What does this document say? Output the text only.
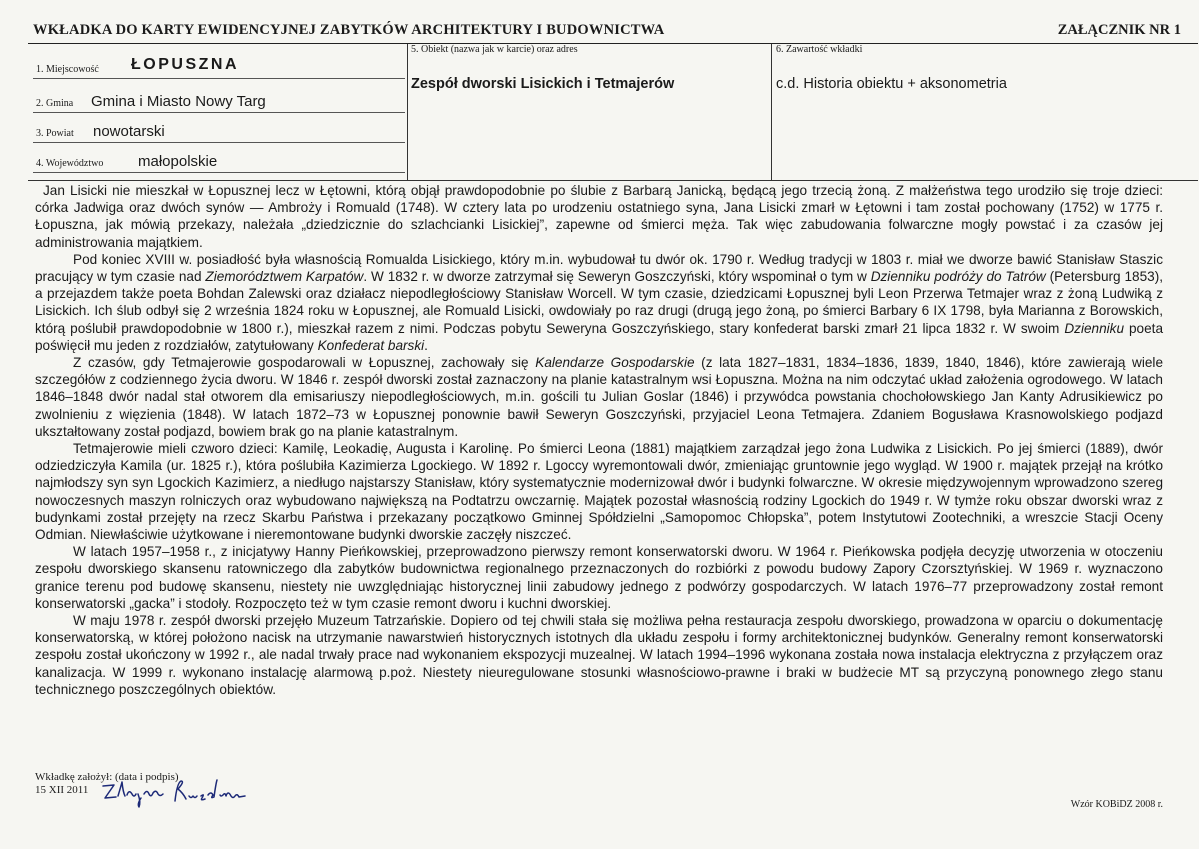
WKŁADKA DO KARTY EWIDENCYJNEJ ZABYTKÓW ARCHITEKTURY I BUDOWNICTWA	ZAŁĄCZNIK NR 1
1. Miejscowość ŁOPUSZNA
2. Gmina Gmina i Miasto Nowy Targ
3. Powiat nowotarski
4. Województwo małopolskie
5. Obiekt (nazwa jak w karcie) oraz adres
Zespół dworski Lisickich i Tetmajerów
6. Zawartość wkładki
c.d. Historia obiektu + aksonometria

Jan Lisicki nie mieszkał w Łopusznej lecz w Łętowni, którą objął prawdopodobnie po ślubie z Barbarą Janicką, będącą jego trzecią żoną. Z małżeństwa tego urodziło się troje dzieci: córka Jadwiga oraz dwóch synów — Ambroży i Romuald (1748). W cztery lata po urodzeniu ostatniego syna, Jana Lisicki zmarł w Łętowni i tam został pochowany (1752) w 1775 r. Łopuszna, jak mówią przekazy, należała „dziedzicznie do szlachcianki Lisickiej”, zapewne od śmierci męża. Tak więc zabudowania folwarczne mogły powstać i za czasów jej administrowania majątkiem.

Pod koniec XVIII w. posiadłość była własnością Romualda Lisickiego, który m.in. wybudował tu dwór ok. 1790 r. Według tradycji w 1803 r. miał we dworze bawić Stanisław Staszic pracujący w tym czasie nad Ziemorództwem Karpatów. W 1832 r. w dworze zatrzymał się Seweryn Goszczyński, który wspominał o tym w Dzienniku podróży do Tatrów (Petersburg 1853), a przejazdem także poeta Bohdan Zalewski oraz działacz niepodległościowy Stanisław Worcell. W tym czasie, dziedzicami Łopusznej byli Leon Przerwa Tetmajer wraz z żoną Ludwiką z Lisickich. Ich ślub odbył się 2 września 1824 roku w Łopusznej, ale Romuald Lisicki, owdowiały po raz drugi (drugą jego żoną, po śmierci Barbary 6 IX 1798, była Marianna z Borowskich, którą poślubił prawdopodobnie w 1800 r.), mieszkał razem z nimi. Podczas pobytu Seweryna Goszczyńskiego, stary konfederat barski zmarł 21 lipca 1832 r. W swoim Dzienniku poeta poświęcił mu jeden z rozdziałów, zatytułowany Konfederat barski.

Z czasów, gdy Tetmajerowie gospodarowali w Łopusznej, zachowały się Kalendarze Gospodarskie (z lata 1827–1831, 1834–1836, 1839, 1840, 1846), które zawierają wiele szczegółów z codziennego życia dworu. W 1846 r. zespół dworski został zaznaczony na planie katastralnym wsi Łopuszna. Można na nim odczytać układ założenia ogrodowego. W latach 1846–1848 dwór nadal stał otworem dla emisariuszy niepodległościowych, m.in. gościli tu Julian Goslar (1846) i przywódca powstania chochołowskiego Jan Kanty Adrusikiewicz po zwolnieniu z więzienia (1848). W latach 1872–73 w Łopusznej ponownie bawił Seweryn Goszczyński, przyjaciel Leona Tetmajera. Zdaniem Bogusława Krasnowolskiego podjazd ukształtowany został podjazd, bowiem brak go na planie katastralnym.

Tetmajerowie mieli czworo dzieci: Kamilę, Leokadię, Augusta i Karolinę. Po śmierci Leona (1881) majątkiem zarządzał jego żona Ludwika z Lisickich. Po jej śmierci (1889), dwór odziedziczyła Kamila (ur. 1825 r.), która poślubiła Kazimierza Lgockiego. W 1892 r. Lgoccy wyremontowali dwór, zmieniając gruntownie jego wygląd. W 1900 r. majątek przejął na krótko najmłodszy syn syn Lgockich Kazimierz, a niedługo najstarszy Stanisław, który systematycznie modernizował dwór i budynki folwarczne. W okresie międzywojennym wprowadzono szereg nowoczesnych maszyn rolniczych oraz wybudowano największą na Podtatrzu owczarnię. Majątek pozostał własnością rodziny Lgockich do 1949 r. W tymże roku obszar dworski wraz z budynkami został przejęty na rzecz Skarbu Państwa i przekazany początkowo Gminnej Spółdzielni „Samopomoc Chłopska”, potem Instytutowi Zootechniki, a wreszcie Stacji Oceny Odmian. Niewłaściwie użytkowane i nieremontowane budynki dworskie zaczęły niszczeć.

W latach 1957–1958 r., z inicjatywy Hanny Pieńkowskiej, przeprowadzono pierwszy remont konserwatorski dworu. W 1964 r. Pieńkowska podjęła decyzję utworzenia w otoczeniu zespołu dworskiego skansenu ratowniczego dla zabytków budownictwa regionalnego przeznaczonych do rozbiórki z powodu budowy Zapory Czorsztyńskiej. W 1969 r. wyznaczono granice terenu pod budowę skansenu, niestety nie uwzględniając historycznej linii zabudowy jednego z podwórzy gospodarczych. W latach 1976–77 przeprowadzony został remont konserwatorski „gacka” i stodoły. Rozpoczęto też w tym czasie remont dworu i kuchni dworskiej.

W maju 1978 r. zespół dworski przejęło Muzeum Tatrzańskie. Dopiero od tej chwili stała się możliwa pełna restauracja zespołu dworskiego, prowadzona w oparciu o dokumentację konserwatorską, w której położono nacisk na utrzymanie nawarstwień historycznych istotnych dla układu zespołu i formy architektonicznej budynków. Generalny remont konserwatorski zespołu został ukończony w 1992 r., ale nadal trwały prace nad wykonaniem ekspozycji muzealnej. W latach 1994–1996 wykonana została nowa instalacja elektryczna z przyłączem oraz kanalizacja. W 1999 r. wykonano instalację alarmową p.poż. Niestety nieuregulowane stosunki własnościowo-prawne i braki w budżecie MT są przyczyną ponownego złego stanu technicznego poszczególnych obiektów.

Wkładkę założył: (data i podpis)
15 XII 2011
Wzór KOBiDZ 2008 r.
